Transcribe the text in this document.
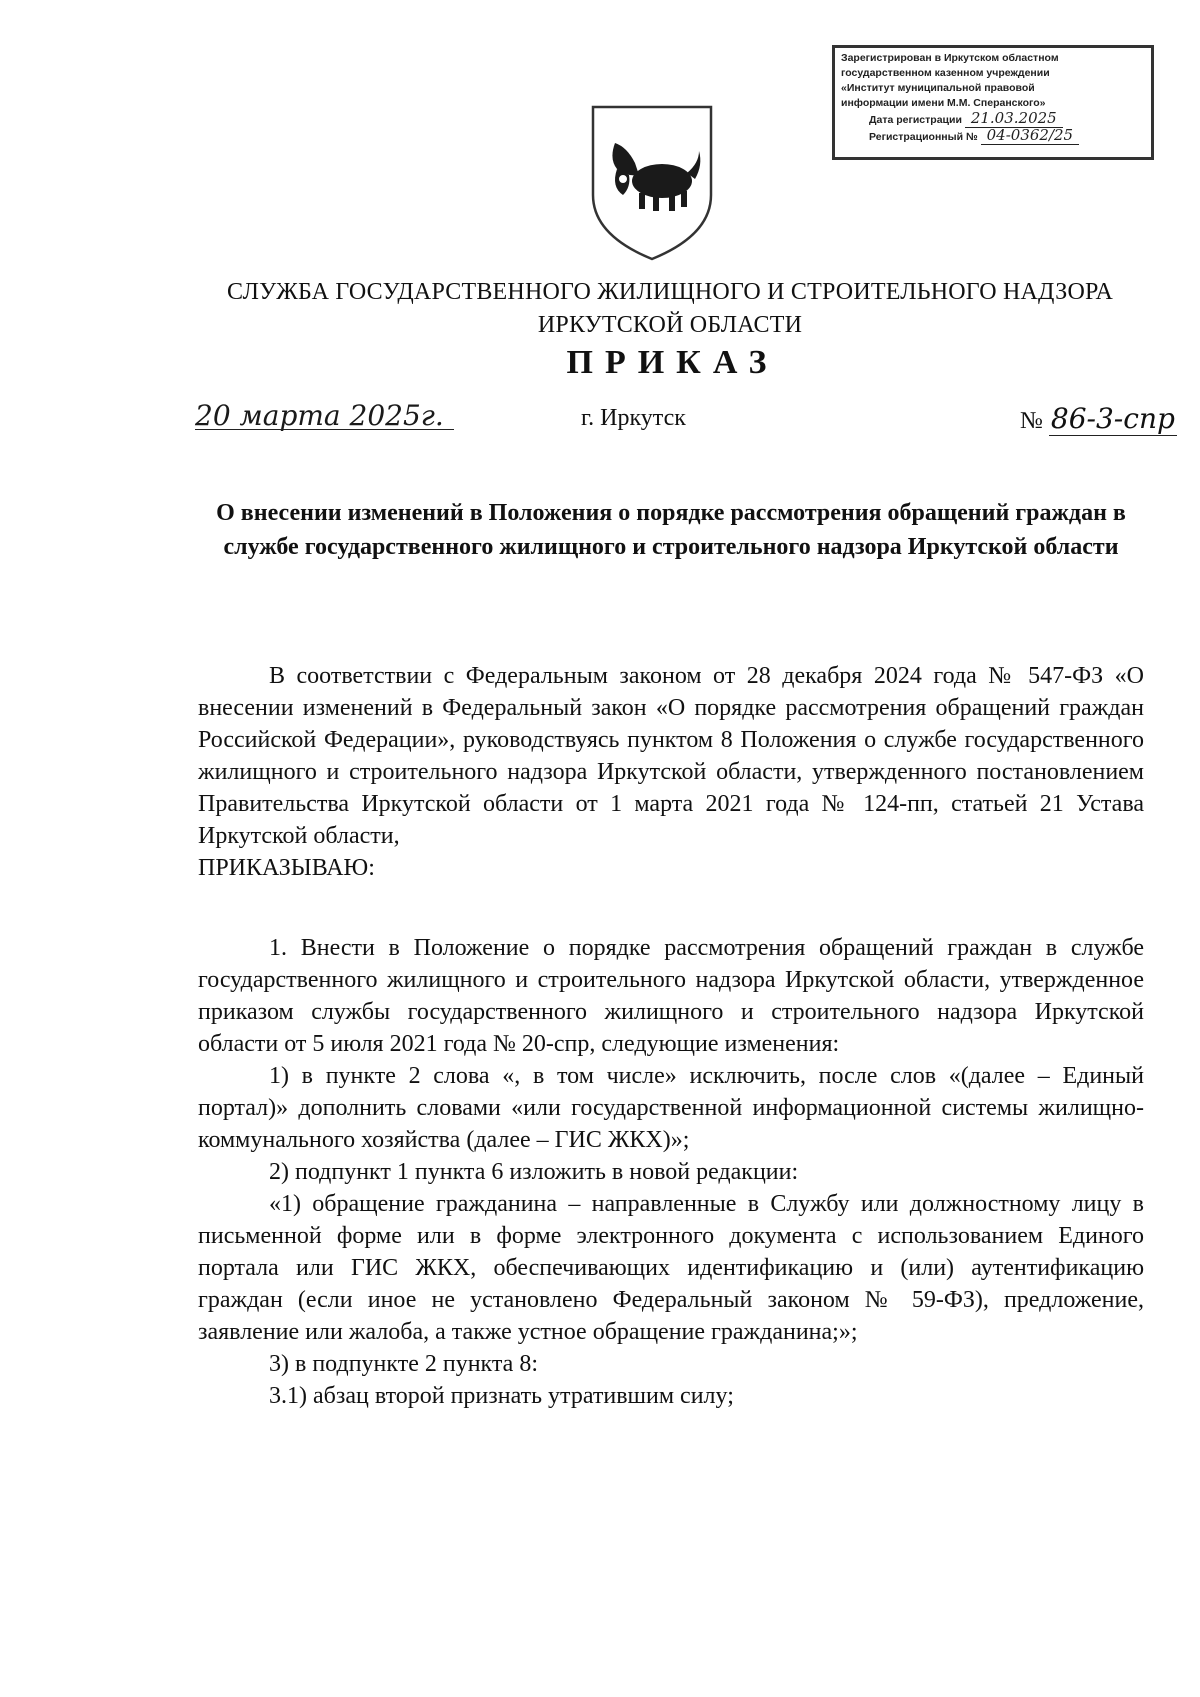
Зарегистрирован в Иркутском областном
государственном казенном учреждении
«Институт муниципальной правовой
информации имени М.М. Сперанского»
Дата регистрации 21.03.2025
Регистрационный № 04-0362/25
СЛУЖБА ГОСУДАРСТВЕННОГО ЖИЛИЩНОГО И СТРОИТЕЛЬНОГО НАДЗОРА
ИРКУТСКОЙ ОБЛАСТИ
ПРИКАЗ
20 марта 2025г.	г. Иркутск	№ 86-3-спр
О внесении изменений в Положения о порядке рассмотрения обращений граждан в службе государственного жилищного и строительного надзора Иркутской области

В соответствии с Федеральным законом от 28 декабря 2024 года № 547-ФЗ «О внесении изменений в Федеральный закон «О порядке рассмотрения обращений граждан Российской Федерации», руководствуясь пунктом 8 Положения о службе государственного жилищного и строительного надзора Иркутской области, утвержденного постановлением Правительства Иркутской области от 1 марта 2021 года № 124-пп, статьей 21 Устава Иркутской области,

ПРИКАЗЫВАЮ:

1. Внести в Положение о порядке рассмотрения обращений граждан в службе государственного жилищного и строительного надзора Иркутской области, утвержденное приказом службы государственного жилищного и строительного надзора Иркутской области от 5 июля 2021 года № 20-спр, следующие изменения:

1) в пункте 2 слова «, в том числе» исключить, после слов «(далее – Единый портал)» дополнить словами «или государственной информационной системы жилищно-коммунального хозяйства (далее – ГИС ЖКХ)»;

2) подпункт 1 пункта 6 изложить в новой редакции:

«1) обращение гражданина – направленные в Службу или должностному лицу в письменной форме или в форме электронного документа с использованием Единого портала или ГИС ЖКХ, обеспечивающих идентификацию и (или) аутентификацию граждан (если иное не установлено Федеральный законом № 59-ФЗ), предложение, заявление или жалоба, а также устное обращение гражданина;»;

3) в подпункте 2 пункта 8:

3.1) абзац второй признать утратившим силу;
